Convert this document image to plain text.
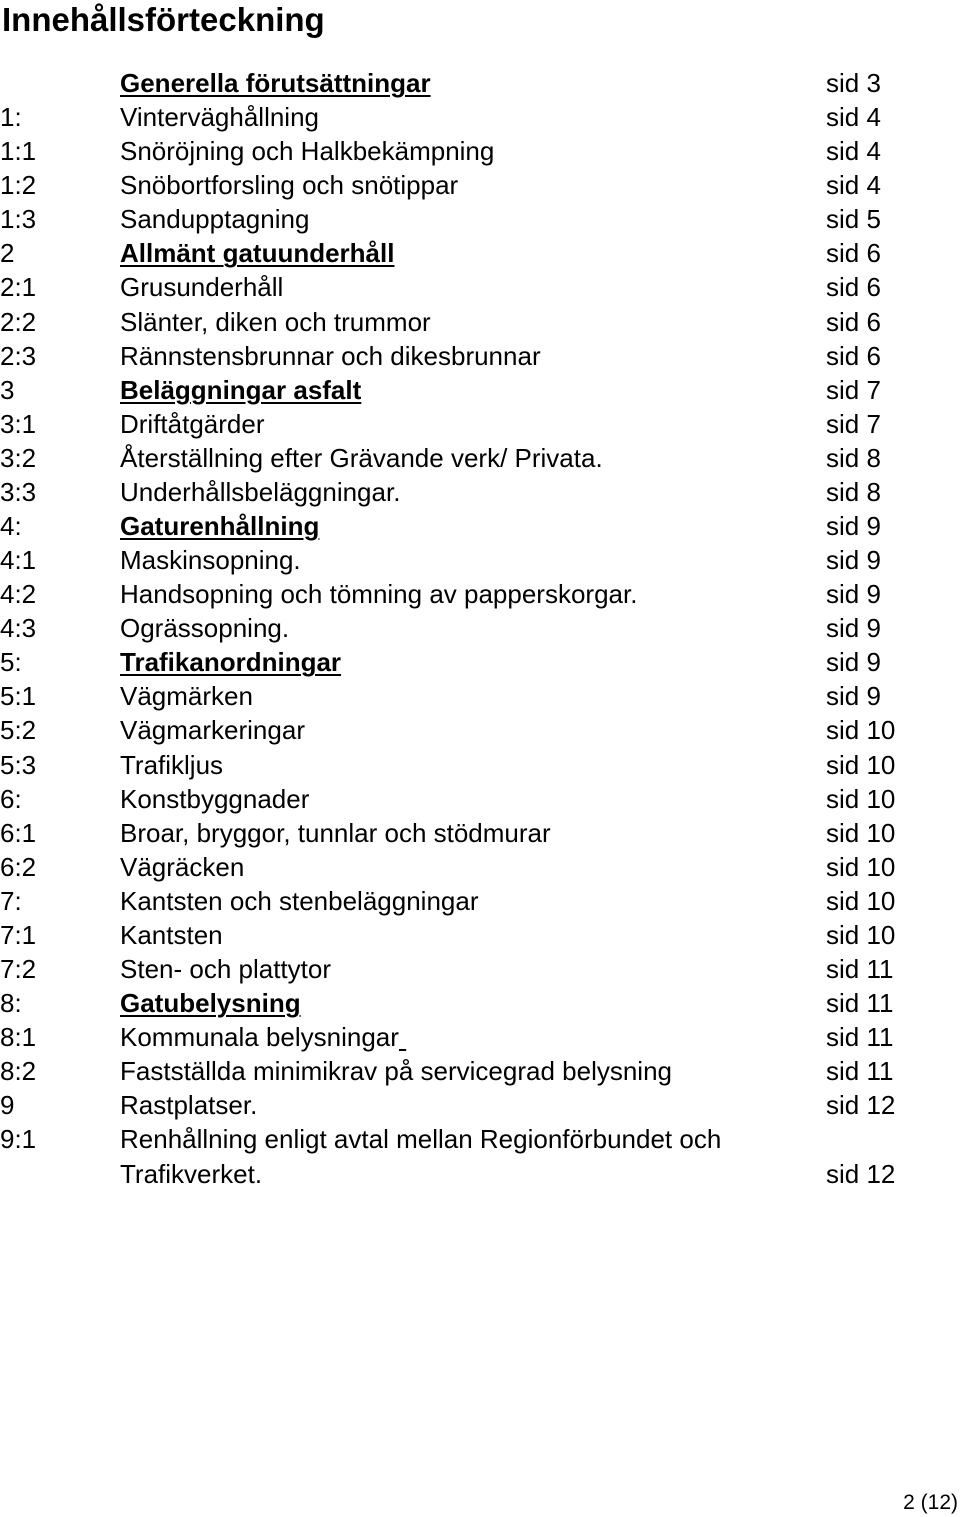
Innehållsförteckning
Generella förutsättningar	sid 3
1:	Vinterväghållning	sid 4
1:1	Snöröjning och Halkbekämpning	sid 4
1:2	Snöbortforsling och snötippar	sid 4
1:3	Sandupptagning	sid 5
2	Allmänt gatuunderhåll	sid 6
2:1	Grusunderhåll	sid 6
2:2	Slänter, diken och trummor	sid 6
2:3	Rännstensbrunnar och dikesbrunnar	sid 6
3	Beläggningar asfalt	sid 7
3:1	Driftåtgärder	sid 7
3:2	Återställning efter Grävande verk/ Privata.	sid 8
3:3	Underhållsbeläggningar.	sid 8
4:	Gaturenhållning	sid 9
4:1	Maskinsopning.	sid 9
4:2	Handsopning och tömning av papperskorgar.	sid 9
4:3	Ogrässopning.	sid 9
5:	Trafikanordningar	sid 9
5:1	Vägmärken	sid 9
5:2	Vägmarkeringar	sid 10
5:3	Trafikljus	sid 10
6:	Konstbyggnader	sid 10
6:1	Broar, bryggor, tunnlar och stödmurar	sid 10
6:2	Vägräcken	sid 10
7:	Kantsten och stenbeläggningar	sid 10
7:1	Kantsten	sid 10
7:2	Sten- och plattytor	sid 11
8:	Gatubelysning	sid 11
8:1	Kommunala belysningar	sid 11
8:2	Fastställda minimikrav på servicegrad belysning	sid 11
9	Rastplatser.	sid 12
9:1	Renhållning enligt avtal mellan Regionförbundet och
Trafikverket.	sid 12
2 (12)
